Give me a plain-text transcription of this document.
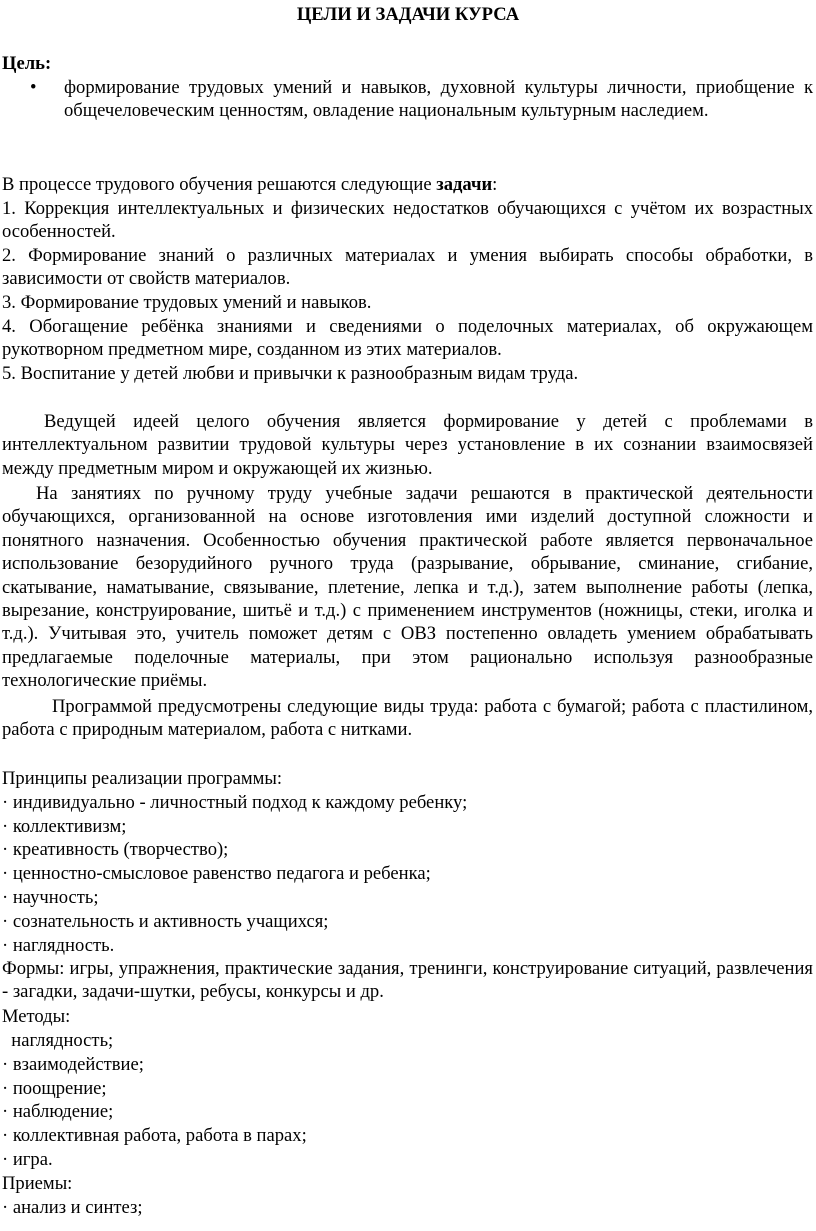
ЦЕЛИ И ЗАДАЧИ КУРСА

Цель:

• формирование трудовых умений и навыков, духовной культуры личности, приобщение к общечеловеческим ценностям, овладение национальным культурным наследием.

В процессе трудового обучения решаются следующие задачи:

1. Коррекция интеллектуальных и физических недостатков обучающихся с учётом их возрастных особенностей.

2. Формирование знаний о различных материалах и умения выбирать способы обработки, в зависимости от свойств материалов.

3. Формирование трудовых умений и навыков.

4. Обогащение ребёнка знаниями и сведениями о поделочных материалах, об окружающем рукотворном предметном мире, созданном из этих материалов.

5. Воспитание у детей любви и привычки к разнообразным видам труда.

Ведущей идеей целого обучения является формирование у детей с проблемами в интеллектуальном развитии трудовой культуры через установление в их сознании взаимосвязей между предметным миром и окружающей их жизнью.

На занятиях по ручному труду учебные задачи решаются в практической деятельности обучающихся, организованной на основе изготовления ими изделий доступной сложности и понятного назначения. Особенностью обучения практической работе является первоначальное использование безорудийного ручного труда (разрывание, обрывание, сминание, сгибание, скатывание, наматывание, связывание, плетение, лепка и т.д.), затем выполнение работы (лепка, вырезание, конструирование, шитьё и т.д.) с применением инструментов (ножницы, стеки, иголка и т.д.). Учитывая это, учитель поможет детям с ОВЗ постепенно овладеть умением обрабатывать предлагаемые поделочные материалы, при этом рационально используя разнообразные технологические приёмы.

Программой предусмотрены следующие виды труда: работа с бумагой; работа с пластилином, работа с природным материалом, работа с нитками.

Принципы реализации программы:

· индивидуально - личностный подход к каждому ребенку;

· коллективизм;

· креативность (творчество);

· ценностно-смысловое равенство педагога и ребенка;

· научность;

· сознательность и активность учащихся;

· наглядность.

Формы: игры, упражнения, практические задания, тренинги, конструирование ситуаций, развлечения - загадки, задачи-шутки, ребусы, конкурсы и др.

Методы:

наглядность;

· взаимодействие;

· поощрение;

· наблюдение;

· коллективная работа, работа в парах;

· игра.

Приемы:

· анализ и синтез;
